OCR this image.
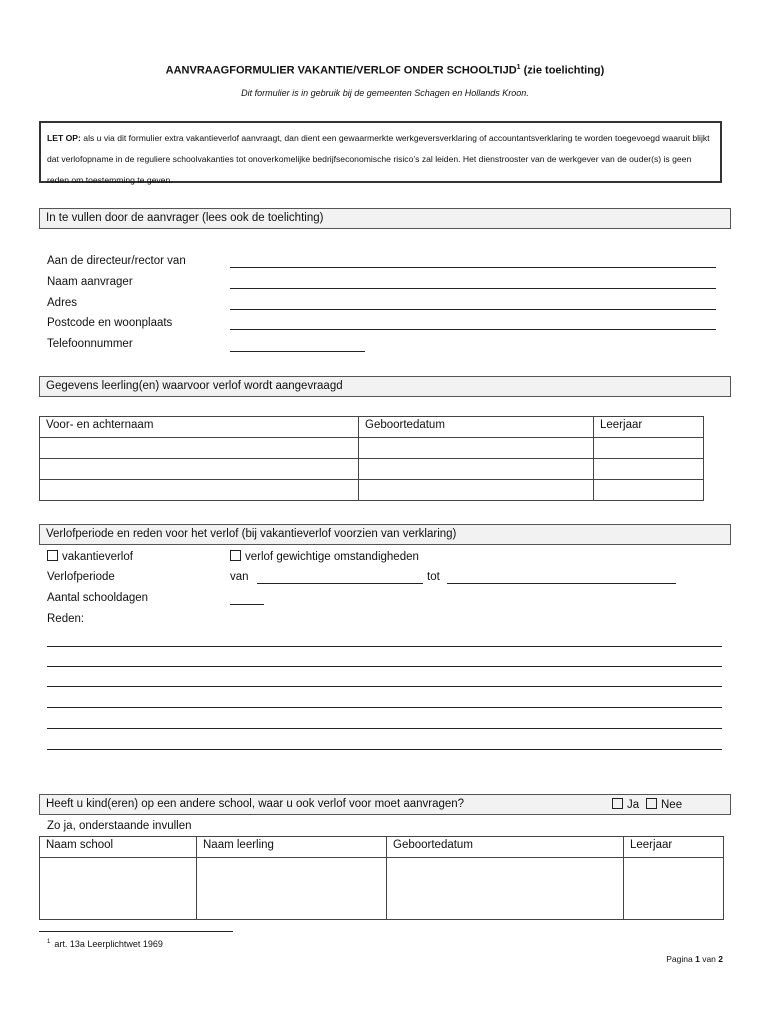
AANVRAAGFORMULIER VAKANTIE/VERLOF ONDER SCHOOLTIJD$^1$ (zie toelichting)
Dit formulier is in gebruik bij de gemeenten Schagen en Hollands Kroon.
LET OP: als u via dit formulier extra vakantieverlof aanvraagt, dan dient een gewaarmerkte werkgeversverklaring of accountantsverklaring te worden toegevoegd waaruit blijkt dat verlofopname in de reguliere schoolvakanties tot onoverkomelijke bedrijfseconomische risico’s zal leiden. Het dienstrooster van de werkgever van de ouder(s) is geen reden om toestemming te geven.
In te vullen door de aanvrager (lees ook de toelichting)
Aan de directeur/rector van
Naam aanvrager
Adres
Postcode en woonplaats
Telefoonnummer
Gegevens leerling(en) waarvoor verlof wordt aangevraagd
Voor- en achternaam	Geboortedatum	Leerjaar

Verlofperiode en reden voor het verlof (bij vakantieverlof voorzien van verklaring)
vakantieverlof	verlof gewichtige omstandigheden
Verlofperiode	van	tot
Aantal schooldagen
Reden:
Heeft u kind(eren) op een andere school, waar u ook verlof voor moet aanvragen?	Ja	Nee
Zo ja, onderstaande invullen
Naam school	Naam leerling	Geboortedatum	Leerjaar

$^1$ art. 13a Leerplichtwet 1969
Pagina 1 van 2
